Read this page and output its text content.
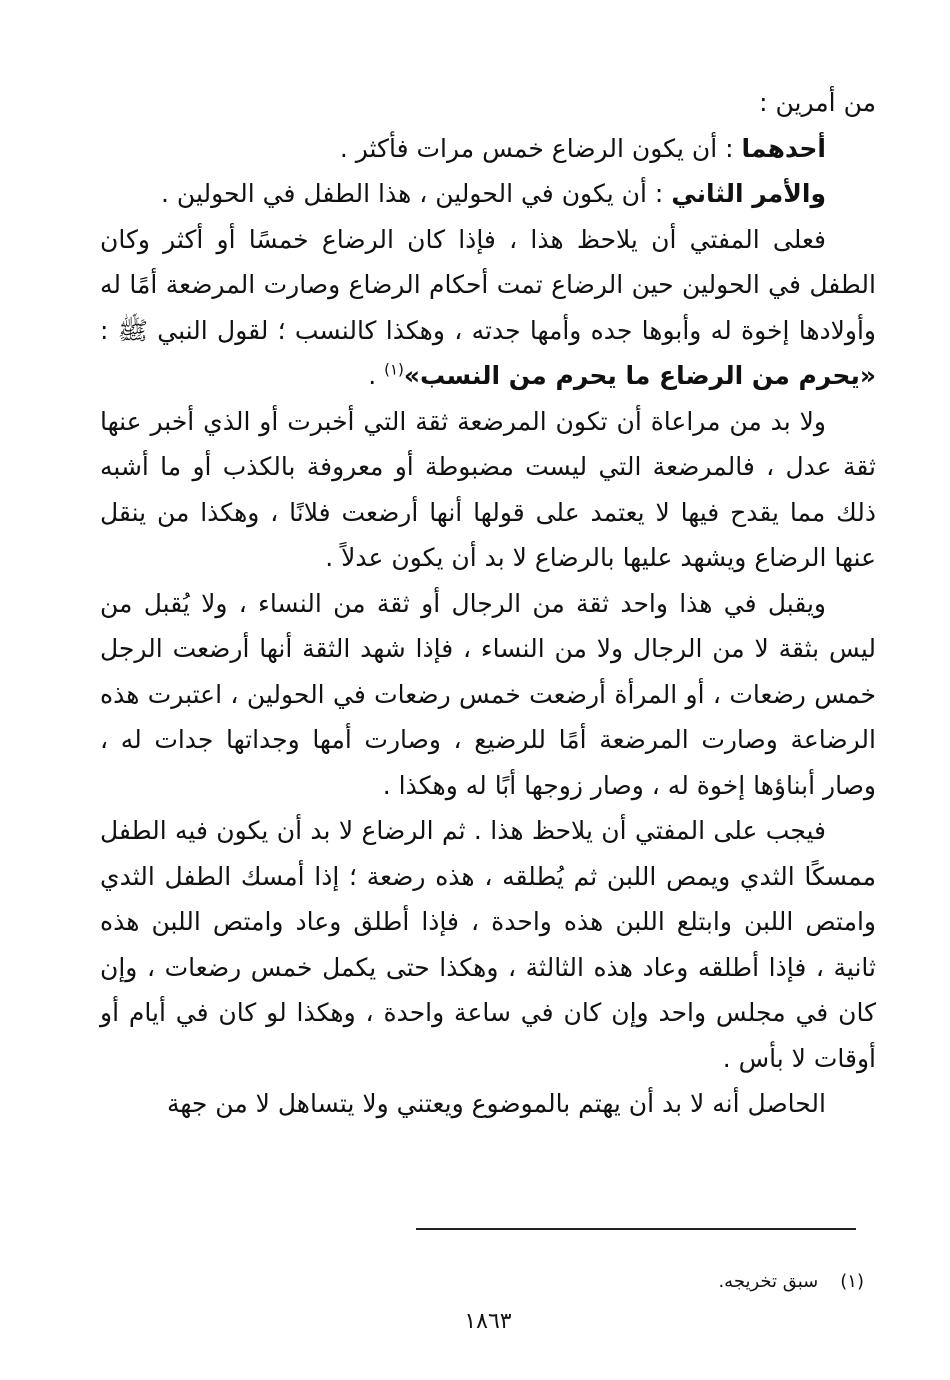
من أمرين :

أحدهما : أن يكون الرضاع خمس مرات فأكثر .

والأمر الثاني : أن يكون في الحولين ، هذا الطفل في الحولين .

فعلى المفتي أن يلاحظ هذا ، فإذا كان الرضاع خمسًا أو أكثر وكان الطفل في الحولين حين الرضاع تمت أحكام الرضاع وصارت المرضعة أمًا له وأولادها إخوة له وأبوها جده وأمها جدته ، وهكذا كالنسب ؛ لقول النبي ﷺ : «يحرم من الرضاع ما يحرم من النسب»$^{(١)}$ .

ولا بد من مراعاة أن تكون المرضعة ثقة التي أخبرت أو الذي أخبر عنها ثقة عدل ، فالمرضعة التي ليست مضبوطة أو معروفة بالكذب أو ما أشبه ذلك مما يقدح فيها لا يعتمد على قولها أنها أرضعت فلانًا ، وهكذا من ينقل عنها الرضاع ويشهد عليها بالرضاع لا بد أن يكون عدلاً .

ويقبل في هذا واحد ثقة من الرجال أو ثقة من النساء ، ولا يُقبل من ليس بثقة لا من الرجال ولا من النساء ، فإذا شهد الثقة أنها أرضعت الرجل خمس رضعات ، أو المرأة أرضعت خمس رضعات في الحولين ، اعتبرت هذه الرضاعة وصارت المرضعة أمًا للرضيع ، وصارت أمها وجداتها جدات له ، وصار أبناؤها إخوة له ، وصار زوجها أبًا له وهكذا .

فيجب على المفتي أن يلاحظ هذا . ثم الرضاع لا بد أن يكون فيه الطفل ممسكًا الثدي ويمص اللبن ثم يُطلقه ، هذه رضعة ؛ إذا أمسك الطفل الثدي وامتص اللبن وابتلع اللبن هذه واحدة ، فإذا أطلق وعاد وامتص اللبن هذه ثانية ، فإذا أطلقه وعاد هذه الثالثة ، وهكذا حتى يكمل خمس رضعات ، وإن كان في مجلس واحد وإن كان في ساعة واحدة ، وهكذا لو كان في أيام أو أوقات لا بأس .

الحاصل أنه لا بد أن يهتم بالموضوع ويعتني ولا يتساهل لا من جهة

(١)سبق تخريجه.
١٨٦٣
